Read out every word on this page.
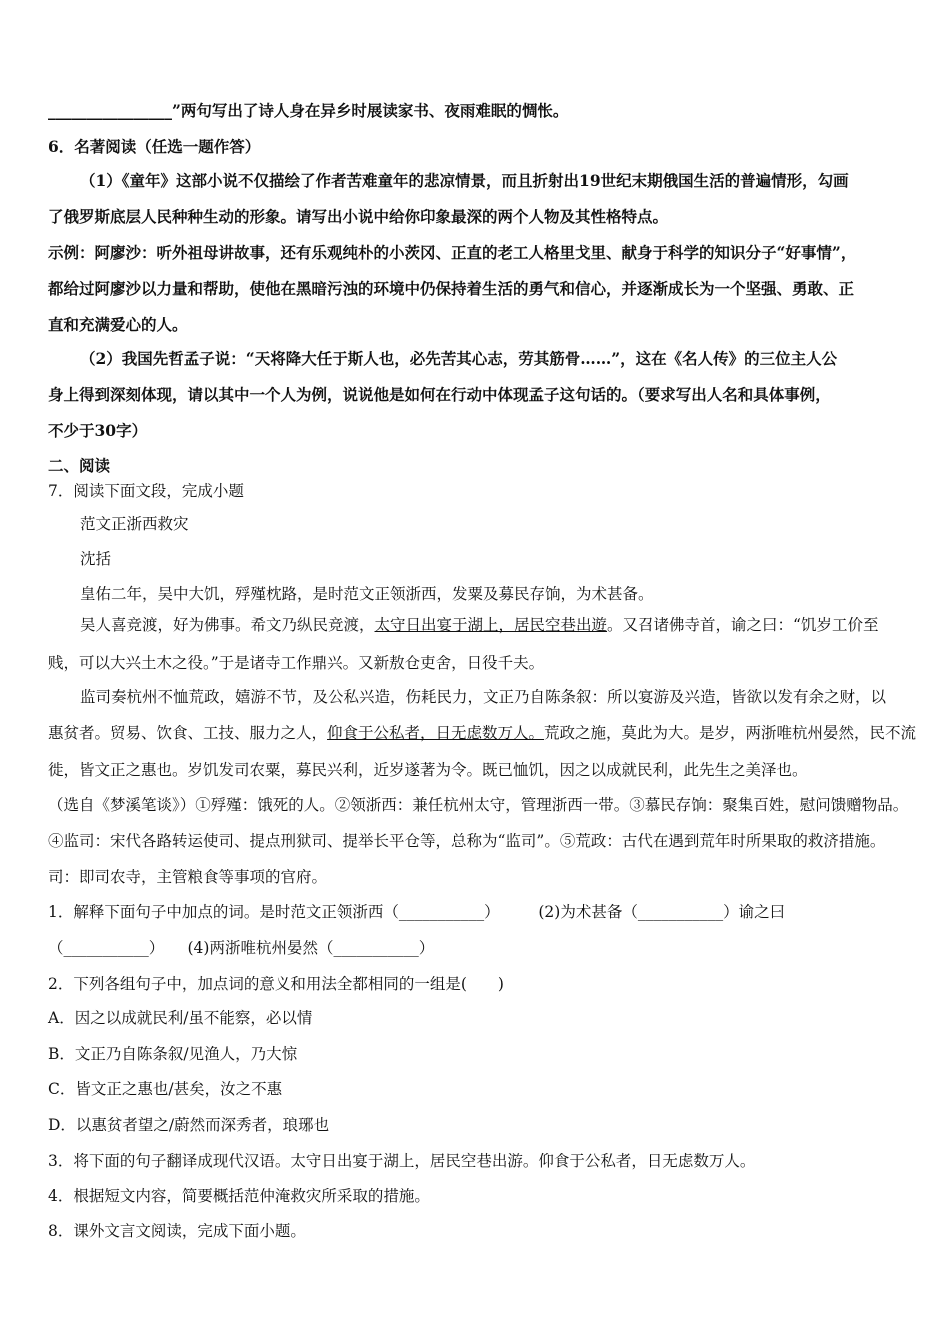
________________”两句写出了诗人身在异乡时展读家书、夜雨难眠的惆怅。
6．名著阅读（任选一题作答）
（1）《童年》这部小说不仅描绘了作者苦难童年的悲凉情景，而且折射出19世纪末期俄国生活的普遍情形，勾画
了俄罗斯底层人民种种生动的形象。请写出小说中给你印象最深的两个人物及其性格特点。
示例：阿廖沙：听外祖母讲故事，还有乐观纯朴的小茨冈、正直的老工人格里戈里、献身于科学的知识分子“好事情”，
都给过阿廖沙以力量和帮助，使他在黑暗污浊的环境中仍保持着生活的勇气和信心，并逐渐成长为一个坚强、勇敢、正
直和充满爱心的人。
（2）我国先哲孟子说：“天将降大任于斯人也，必先苦其心志，劳其筋骨……”，这在《名人传》的三位主人公
身上得到深刻体现，请以其中一个人为例，说说他是如何在行动中体现孟子这句话的。（要求写出人名和具体事例，
不少于30字）
二、阅读
7．阅读下面文段，完成小题
范文正浙西救灾
沈括
皇佑二年，吴中大饥，殍殣枕路，是时范文正领浙西，发粟及募民存饷，为术甚备。
吴人喜竞渡，好为佛事。希文乃纵民竞渡，太守日出宴于湖上，居民空巷出遊。又召诸佛寺首，谕之曰：“饥岁工价至
贱，可以大兴土木之役。”于是诸寺工作鼎兴。又新敖仓吏舍，日役千夫。
监司奏杭州不恤荒政，嬉游不节，及公私兴造，伤耗民力，文正乃自陈条叙：所以宴游及兴造，皆欲以发有余之财，以
惠贫者。贸易、饮食、工技、服力之人，仰食于公私者，日无虑数万人。荒政之施，莫此为大。是岁，两浙唯杭州晏然，民不流
徙，皆文正之惠也。岁饥发司农粟，募民兴利，近岁遂著为令。既已恤饥，因之以成就民利，此先生之美泽也。
（选自《梦溪笔谈》）①殍殣：饿死的人。②领浙西：兼任杭州太守，管理浙西一带。③慕民存饷：聚集百姓，慰问馈赠物品。
④监司：宋代各路转运使司、提点刑狱司、提举长平仓等，总称为“监司”。⑤荒政：古代在遇到荒年时所果取的救济措施。
司：即司农寺，主管粮食等事项的官府。
1．解释下面句子中加点的词。是时范文正领浙西（___________）　　　(2)为术甚备（___________）谕之曰
（___________）　　(4)两浙唯杭州晏然（___________）
2．下列各组句子中，加点词的意义和用法全都相同的一组是(　　)
A．因之以成就民利/虽不能察，必以情
B．文正乃自陈条叙/见渔人，乃大惊
C．皆文正之惠也/甚矣，汝之不惠
D．以惠贫者望之/蔚然而深秀者，琅琊也
3．将下面的句子翻译成现代汉语。太守日出宴于湖上，居民空巷出游。仰食于公私者，日无虑数万人。
4．根据短文内容，简要概括范仲淹救灾所采取的措施。
8．课外文言文阅读，完成下面小题。
